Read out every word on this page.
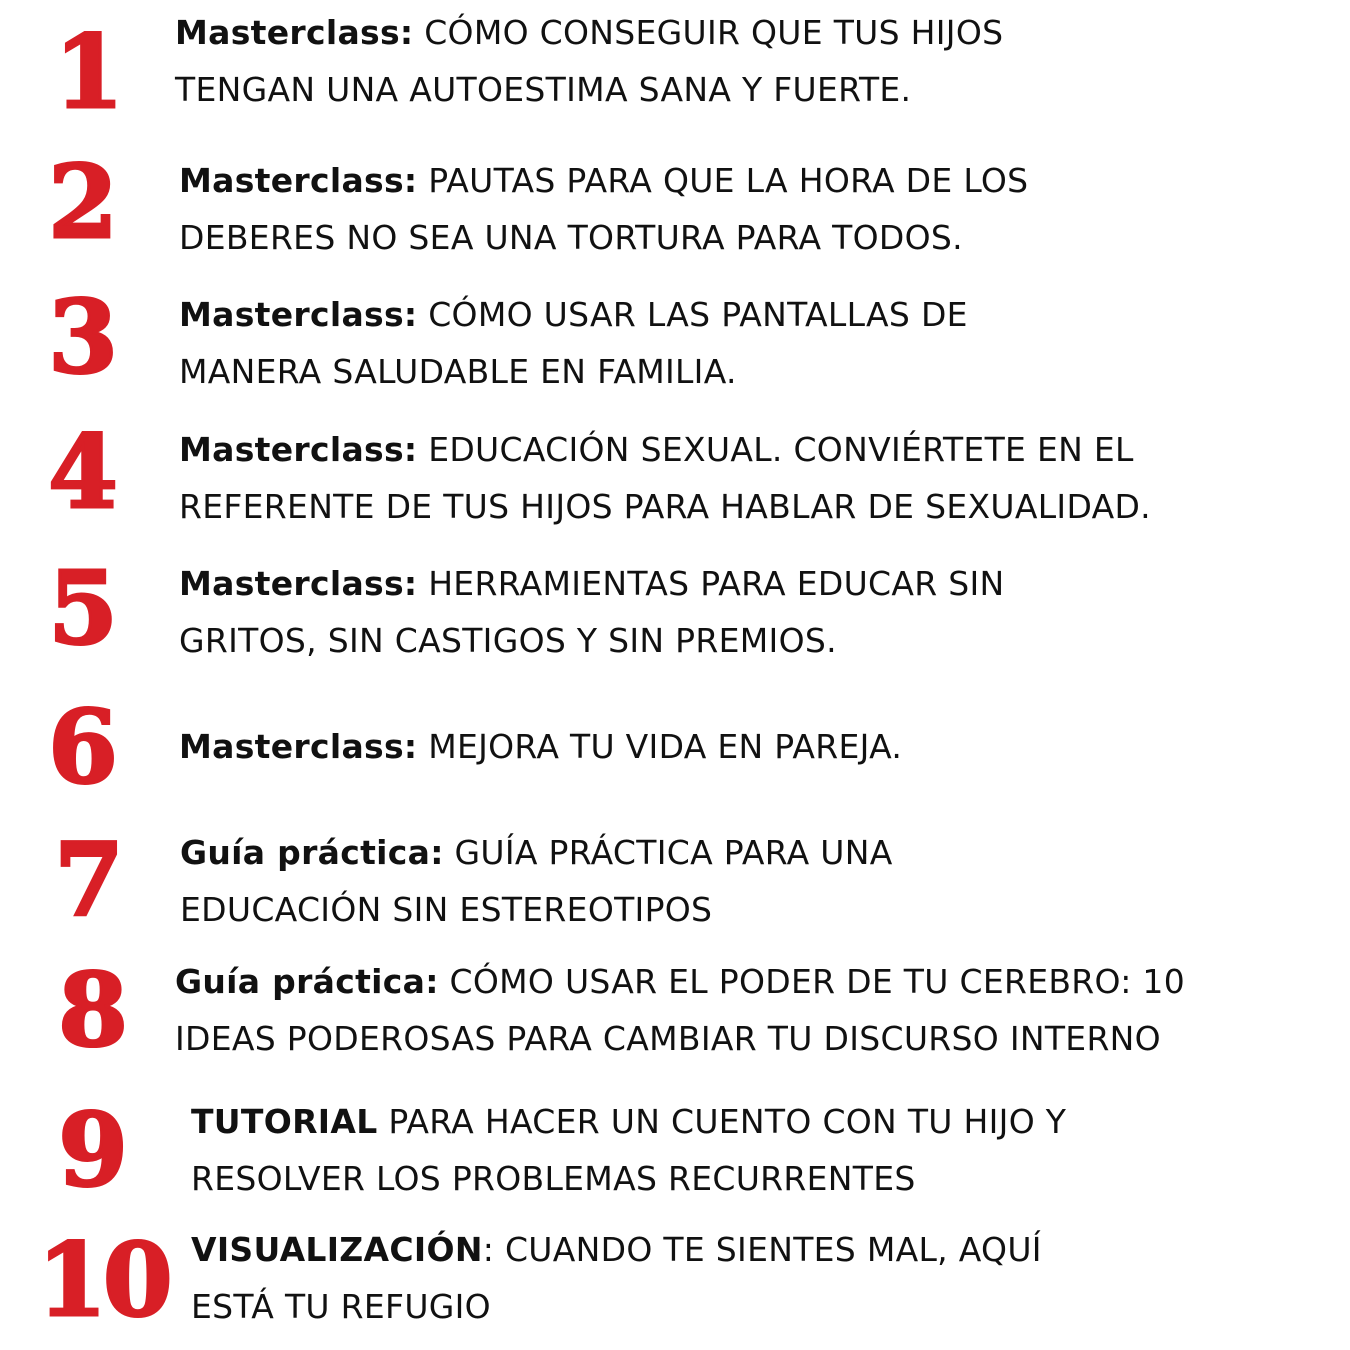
1	Masterclass: CÓMO CONSEGUIR QUE TUS HIJOS
TENGAN UNA AUTOESTIMA SANA Y FUERTE.
2	Masterclass: PAUTAS PARA QUE LA HORA DE LOS
DEBERES NO SEA UNA TORTURA PARA TODOS.
3	Masterclass: CÓMO USAR LAS PANTALLAS DE
MANERA SALUDABLE EN FAMILIA.
4	Masterclass: EDUCACIÓN SEXUAL. CONVIÉRTETE EN EL
REFERENTE DE TUS HIJOS PARA HABLAR DE SEXUALIDAD.
5	Masterclass: HERRAMIENTAS PARA EDUCAR SIN
GRITOS, SIN CASTIGOS Y SIN PREMIOS.
6	Masterclass: MEJORA TU VIDA EN PAREJA.
7	Guía práctica: GUÍA PRÁCTICA PARA UNA
EDUCACIÓN SIN ESTEREOTIPOS
8	Guía práctica: CÓMO USAR EL PODER DE TU CEREBRO: 10
IDEAS PODEROSAS PARA CAMBIAR TU DISCURSO INTERNO
9	TUTORIAL PARA HACER UN CUENTO CON TU HIJO Y
RESOLVER LOS PROBLEMAS RECURRENTES
10 VISUALIZACIÓN: CUANDO TE SIENTES MAL, AQUÍ
ESTÁ TU REFUGIO
